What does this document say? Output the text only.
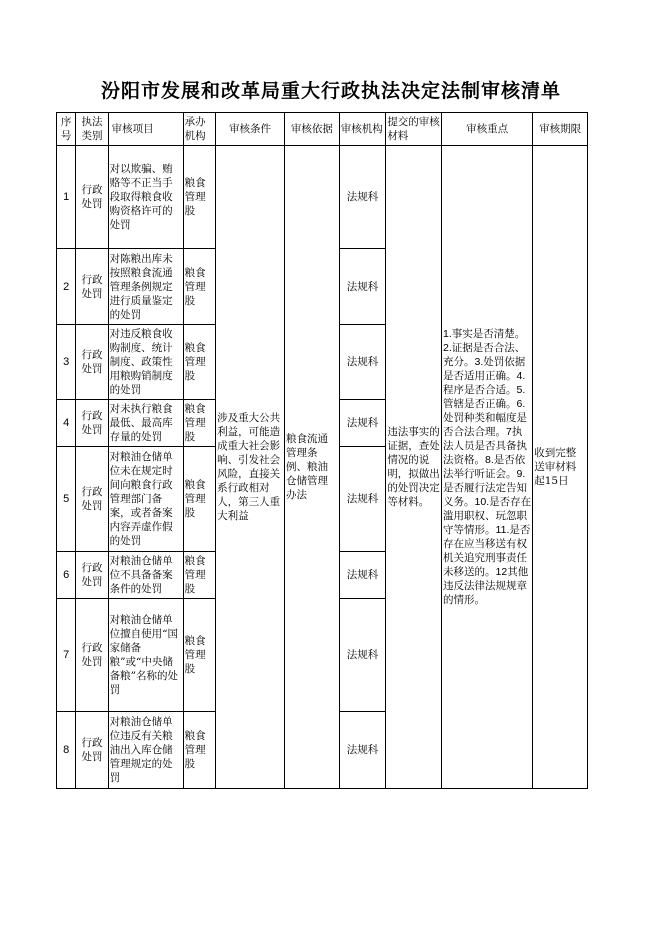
汾阳市发展和改革局重大行政执法决定法制审核清单
序号	执法类别	审核项目	承办机构	审核条件	审核依据	审核机构	提交的审核材料	审核重点	审核期限
1	行政处罚	对以欺骗、贿赂等不正当手段取得粮食收购资格许可的处罚	粮食管理股	涉及重大公共利益，可能造成重大社会影响、引发社会风险，直接关系行政相对人，第三人重大利益	粮食流通管理条例、粮油仓储管理办法	法规科	违法事实的证据，查处情况的说明，拟做出的处罚决定等材料。	1.事实是否清楚。2.证据是否合法、充分。3.处罚依据是否适用正确。4.程序是否合适。5.管辖是否正确。6.处罚种类和幅度是否合法合理。7执法人员是否具备执法资格。8.是否依法举行听证会。9.是否履行法定告知义务。10.是否存在滥用职权、玩忽职守等情形。11.是否存在应当移送有权机关追究刑事责任未移送的。12其他违反法律法规规章的情形。	收到完整送审材料起15日
2	行政处罚	对陈粮出库未按照粮食流通管理条例规定进行质量鉴定的处罚	粮食管理股			法规科			
3	行政处罚	对违反粮食收购制度、统计制度、政策性用粮购销制度的处罚	粮食管理股			法规科			
4	行政处罚	对未执行粮食最低、最高库存量的处罚	粮食管理股			法规科			
5	行政处罚	对粮油仓储单位未在规定时间向粮食行政管理部门备案，或者备案内容弄虚作假的处罚	粮食管理股			法规科			
6	行政处罚	对粮油仓储单位不具备备案条件的处罚	粮食管理股			法规科			
7	行政处罚	对粮油仓储单位擅自使用“国家储备粮”或“中央储备粮”名称的处罚	粮食管理股			法规科			
8	行政处罚	对粮油仓储单位违反有关粮油出入库仓储管理规定的处罚	粮食管理股			法规科			
